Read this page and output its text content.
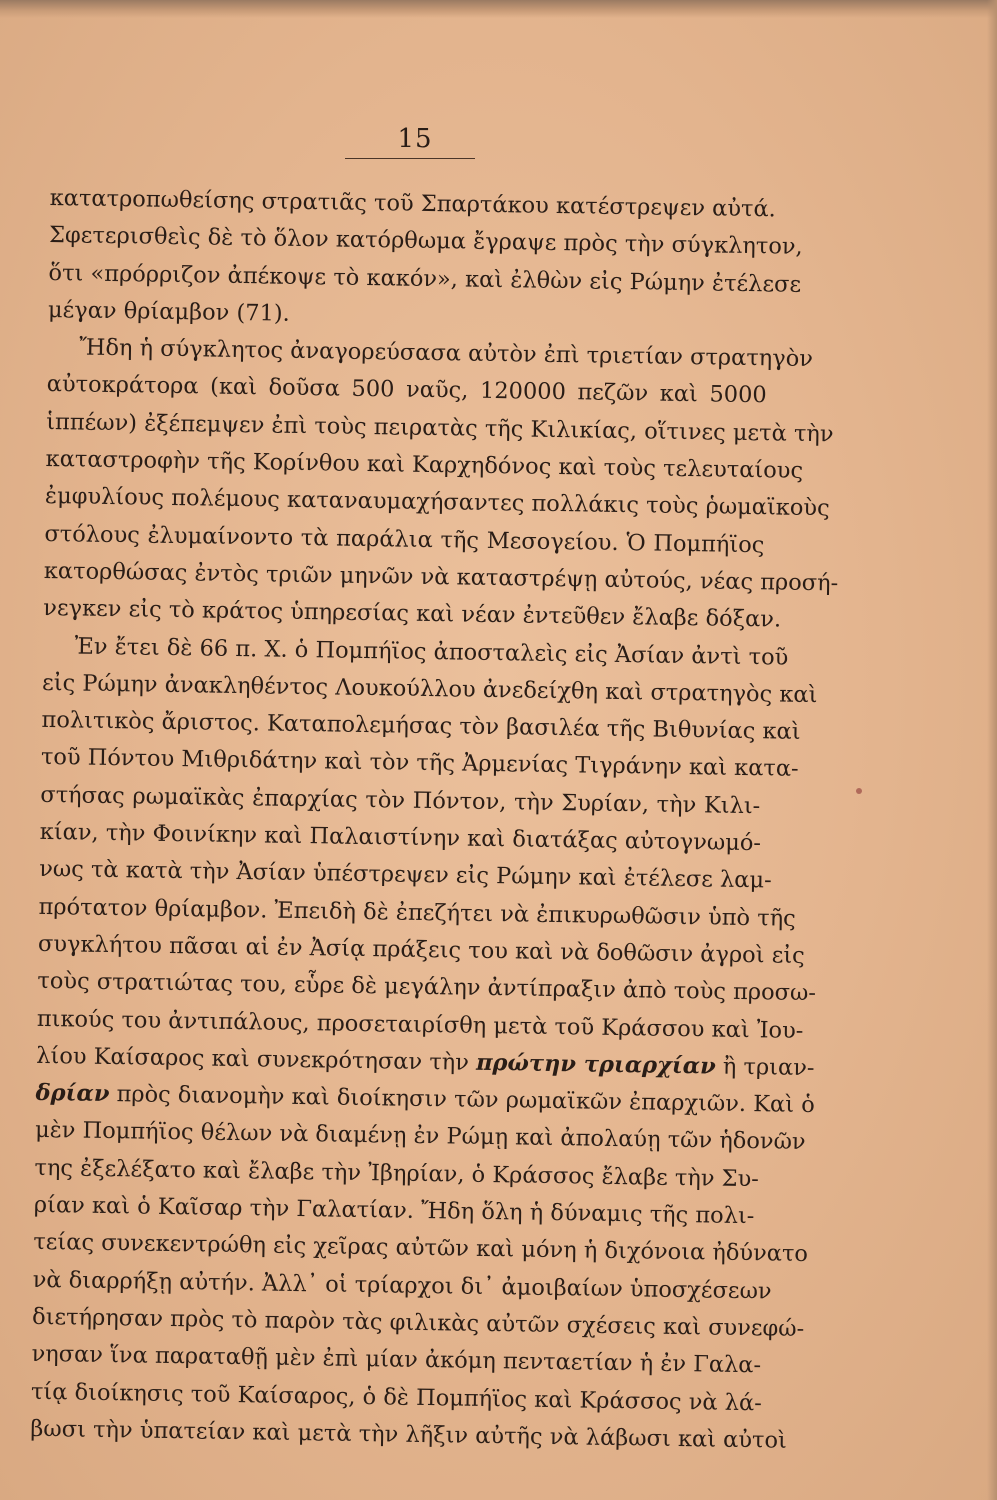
15
κατατροπωθείσης στρατιᾶς τοῦ Σπαρτάκου κατέστρεψεν αὐτά.
Σφετερισθεὶς δὲ τὸ ὅλον κατόρθωμα ἔγραψε πρὸς τὴν σύγκλητον,
ὅτι «πρόρριζον ἀπέκοψε τὸ κακόν», καὶ ἐλθὼν εἰς Ρώμην ἐτέλεσε
μέγαν θρίαμβον (71).
Ἤδη ἡ σύγκλητος ἀναγορεύσασα αὐτὸν ἐπὶ τριετίαν στρατηγὸν
αὐτοκράτορα (καὶ δοῦσα 500 ναῦς, 120000 πεζῶν καὶ 5000
ἱππέων) ἐξέπεμψεν ἐπὶ τοὺς πειρατὰς τῆς Κιλικίας, οἵτινες μετὰ τὴν
καταστροφὴν τῆς Κορίνθου καὶ Καρχηδόνος καὶ τοὺς τελευταίους
ἐμφυλίους πολέμους καταναυμαχήσαντες πολλάκις τοὺς ῥωμαϊκοὺς
στόλους ἐλυμαίνοντο τὰ παράλια τῆς Μεσογείου. Ὁ Πομπήϊος
κατορθώσας ἐντὸς τριῶν μηνῶν νὰ καταστρέψῃ αὐτούς, νέας προσή-
νεγκεν εἰς τὸ κράτος ὑπηρεσίας καὶ νέαν ἐντεῦθεν ἔλαβε δόξαν.
Ἐν ἔτει δὲ 66 π. Χ. ὁ Πομπήϊος ἀποσταλεὶς εἰς Ἀσίαν ἀντὶ τοῦ
εἰς Ρώμην ἀνακληθέντος Λουκούλλου ἀνεδείχθη καὶ στρατηγὸς καὶ
πολιτικὸς ἄριστος. Καταπολεμήσας τὸν βασιλέα τῆς Βιθυνίας καὶ
τοῦ Πόντου Μιθριδάτην καὶ τὸν τῆς Ἀρμενίας Τιγράνην καὶ κατα-
στήσας ρωμαϊκὰς ἐπαρχίας τὸν Πόντον, τὴν Συρίαν, τὴν Κιλι-
κίαν, τὴν Φοινίκην καὶ Παλαιστίνην καὶ διατάξας αὐτογνωμό-
νως τὰ κατὰ τὴν Ἀσίαν ὑπέστρεψεν εἰς Ρώμην καὶ ἐτέλεσε λαμ-
πρότατον θρίαμβον. Ἐπειδὴ δὲ ἐπεζήτει νὰ ἐπικυρωθῶσιν ὑπὸ τῆς
συγκλήτου πᾶσαι αἱ ἐν Ἀσίᾳ πράξεις του καὶ νὰ δοθῶσιν ἀγροὶ εἰς
τοὺς στρατιώτας του, εὗρε δὲ μεγάλην ἀντίπραξιν ἀπὸ τοὺς προσω-
πικούς του ἀντιπάλους, προσεταιρίσθη μετὰ τοῦ Κράσσου καὶ Ἰου-
λίου Καίσαρος καὶ συνεκρότησαν τὴν πρώτην τριαρχίαν ἢ τριαν-
δρίαν πρὸς διανομὴν καὶ διοίκησιν τῶν ρωμαϊκῶν ἐπαρχιῶν. Καὶ ὁ
μὲν Πομπήϊος θέλων νὰ διαμένῃ ἐν Ρώμῃ καὶ ἀπολαύῃ τῶν ἡδονῶν
της ἐξελέξατο καὶ ἔλαβε τὴν Ἰβηρίαν, ὁ Κράσσος ἔλαβε τὴν Συ-
ρίαν καὶ ὁ Καῖσαρ τὴν Γαλατίαν. Ἤδη ὅλη ἡ δύναμις τῆς πολι-
τείας συνεκεντρώθη εἰς χεῖρας αὐτῶν καὶ μόνη ἡ διχόνοια ἠδύνατο
νὰ διαρρήξῃ αὐτήν. Ἀλλ᾽ οἱ τρίαρχοι δι᾽ ἀμοιβαίων ὑποσχέσεων
διετήρησαν πρὸς τὸ παρὸν τὰς φιλικὰς αὐτῶν σχέσεις καὶ συνεφώ-
νησαν ἵνα παραταθῇ μὲν ἐπὶ μίαν ἀκόμη πενταετίαν ἡ ἐν Γαλα-
τίᾳ διοίκησις τοῦ Καίσαρος, ὁ δὲ Πομπήϊος καὶ Κράσσος νὰ λά-
βωσι τὴν ὑπατείαν καὶ μετὰ τὴν λῆξιν αὐτῆς νὰ λάβωσι καὶ αὐτοὶ
